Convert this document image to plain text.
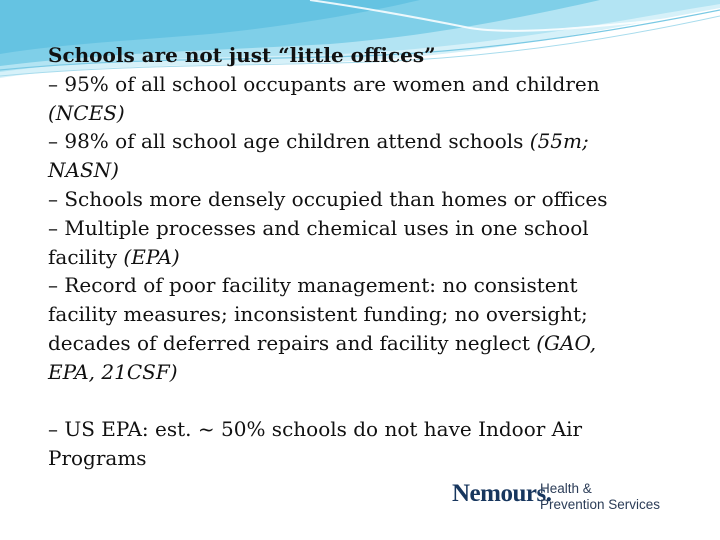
Schools are not just “little offices”
– 95% of all school occupants are women and children
(NCES)
– 98% of all school age children attend schools (55m;
NASN)
– Schools more densely occupied than homes or offices
– Multiple processes and chemical uses in one school
facility (EPA)
– Record of poor facility management: no consistent
facility measures; inconsistent funding; no oversight;
decades of deferred repairs and facility neglect (GAO,
EPA, 21CSF)
– US EPA: est. ~ 50% schools do not have Indoor Air
Programs
Nemours.
Health &
Prevention Services
